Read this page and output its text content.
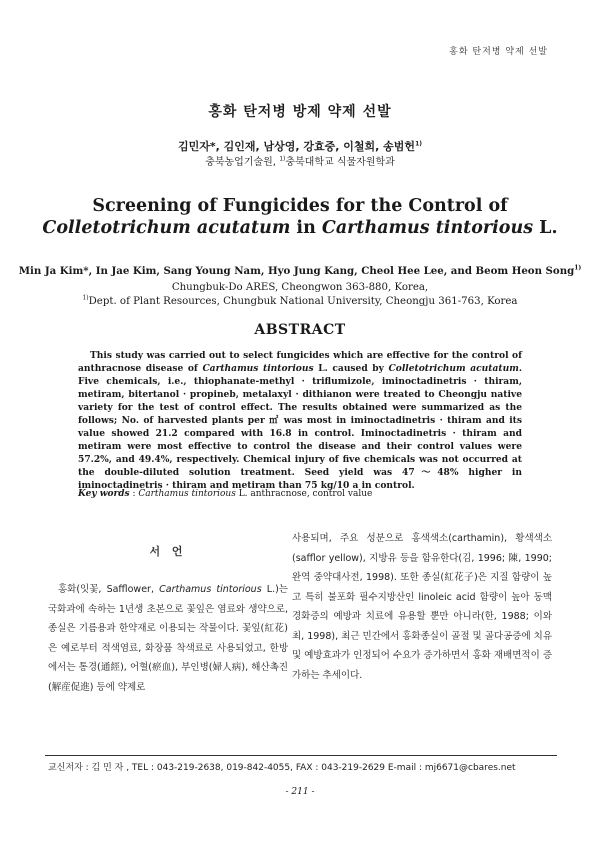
홍화 탄저병 약제 선발
홍화 탄저병 방제 약제 선발
김민자*, 김인재, 남상영, 강효중, 이철희, 송범헌$^{1)}$
충북농업기술원, $^{1)}$충북대학교 식물자원학과
Screening of Fungicides for the Control of
Colletotrichum acutatum in Carthamus tintorious L.
Min Ja Kim*, In Jae Kim, Sang Young Nam, Hyo Jung Kang, Cheol Hee Lee, and Beom Heon Song$^{1)}$
Chungbuk-Do ARES, Cheongwon 363-880, Korea,
$^{1)}$Dept. of Plant Resources, Chungbuk National University, Cheongju 361-763, Korea
ABSTRACT

This study was carried out to select fungicides which are effective for the control of anthracnose disease of Carthamus tintorious L. caused by Colletotrichum acutatum. Five chemicals, i.e., thiophanate-methyl · triflumizole, iminoctadinetris · thiram, metiram, bitertanol · propineb, metalaxyl · dithianon were treated to Cheongju native variety for the test of control effect. The results obtained were summarized as the follows; No. of harvested plants per ㎡ was most in iminoctadinetris · thiram and its value showed 21.2 compared with 16.8 in control. Iminoctadinetris · thiram and metiram were most effective to control the disease and their control values were 57.2%, and 49.4%, respectively. Chemical injury of five chemicals was not occurred at the double-diluted solution treatment. Seed yield was 47～48% higher in iminoctadinetris · thiram and metiram than 75 kg/10 a in control.

Key words : Carthamus tintorious L. anthracnose, control value
서 언

홍화(잇꽃, Safflower, Carthamus tintorious L.)는 국화과에 속하는 1년생 초본으로 꽃잎은 염료와 생약으로, 종실은 기름용과 한약재로 이용되는 작물이다. 꽃잎(紅花)은 예로부터 적색염료, 화장품 착색료로 사용되었고, 한방에서는 통경(通經), 어혈(瘀血), 부인병(婦人病), 해산촉진(解産促進) 등에 약제로

사용되며, 주요 성분으로 홍색색소(carthamin), 황색색소(safflor yellow), 지방유 등을 함유한다(김, 1996; 陳, 1990; 완역 중약대사전, 1998). 또한 종실(紅花子)은 지질 함량이 높고 특히 불포화 필수지방산인 linoleic acid 함량이 높아 동맥경화증의 예방과 치료에 유용할 뿐만 아니라(한, 1988; 이와 최, 1998), 최근 민간에서 홍화종실이 골절 및 골다공증에 치유및 예방효과가 인정되어 수요가 증가하면서 홍화 재배면적이 증가하는 추세이다.

교신저자 : 김 민 자 , TEL : 043-219-2638, 019-842-4055, FAX : 043-219-2629 E-mail : mj6671@cbares.net
- 211 -
